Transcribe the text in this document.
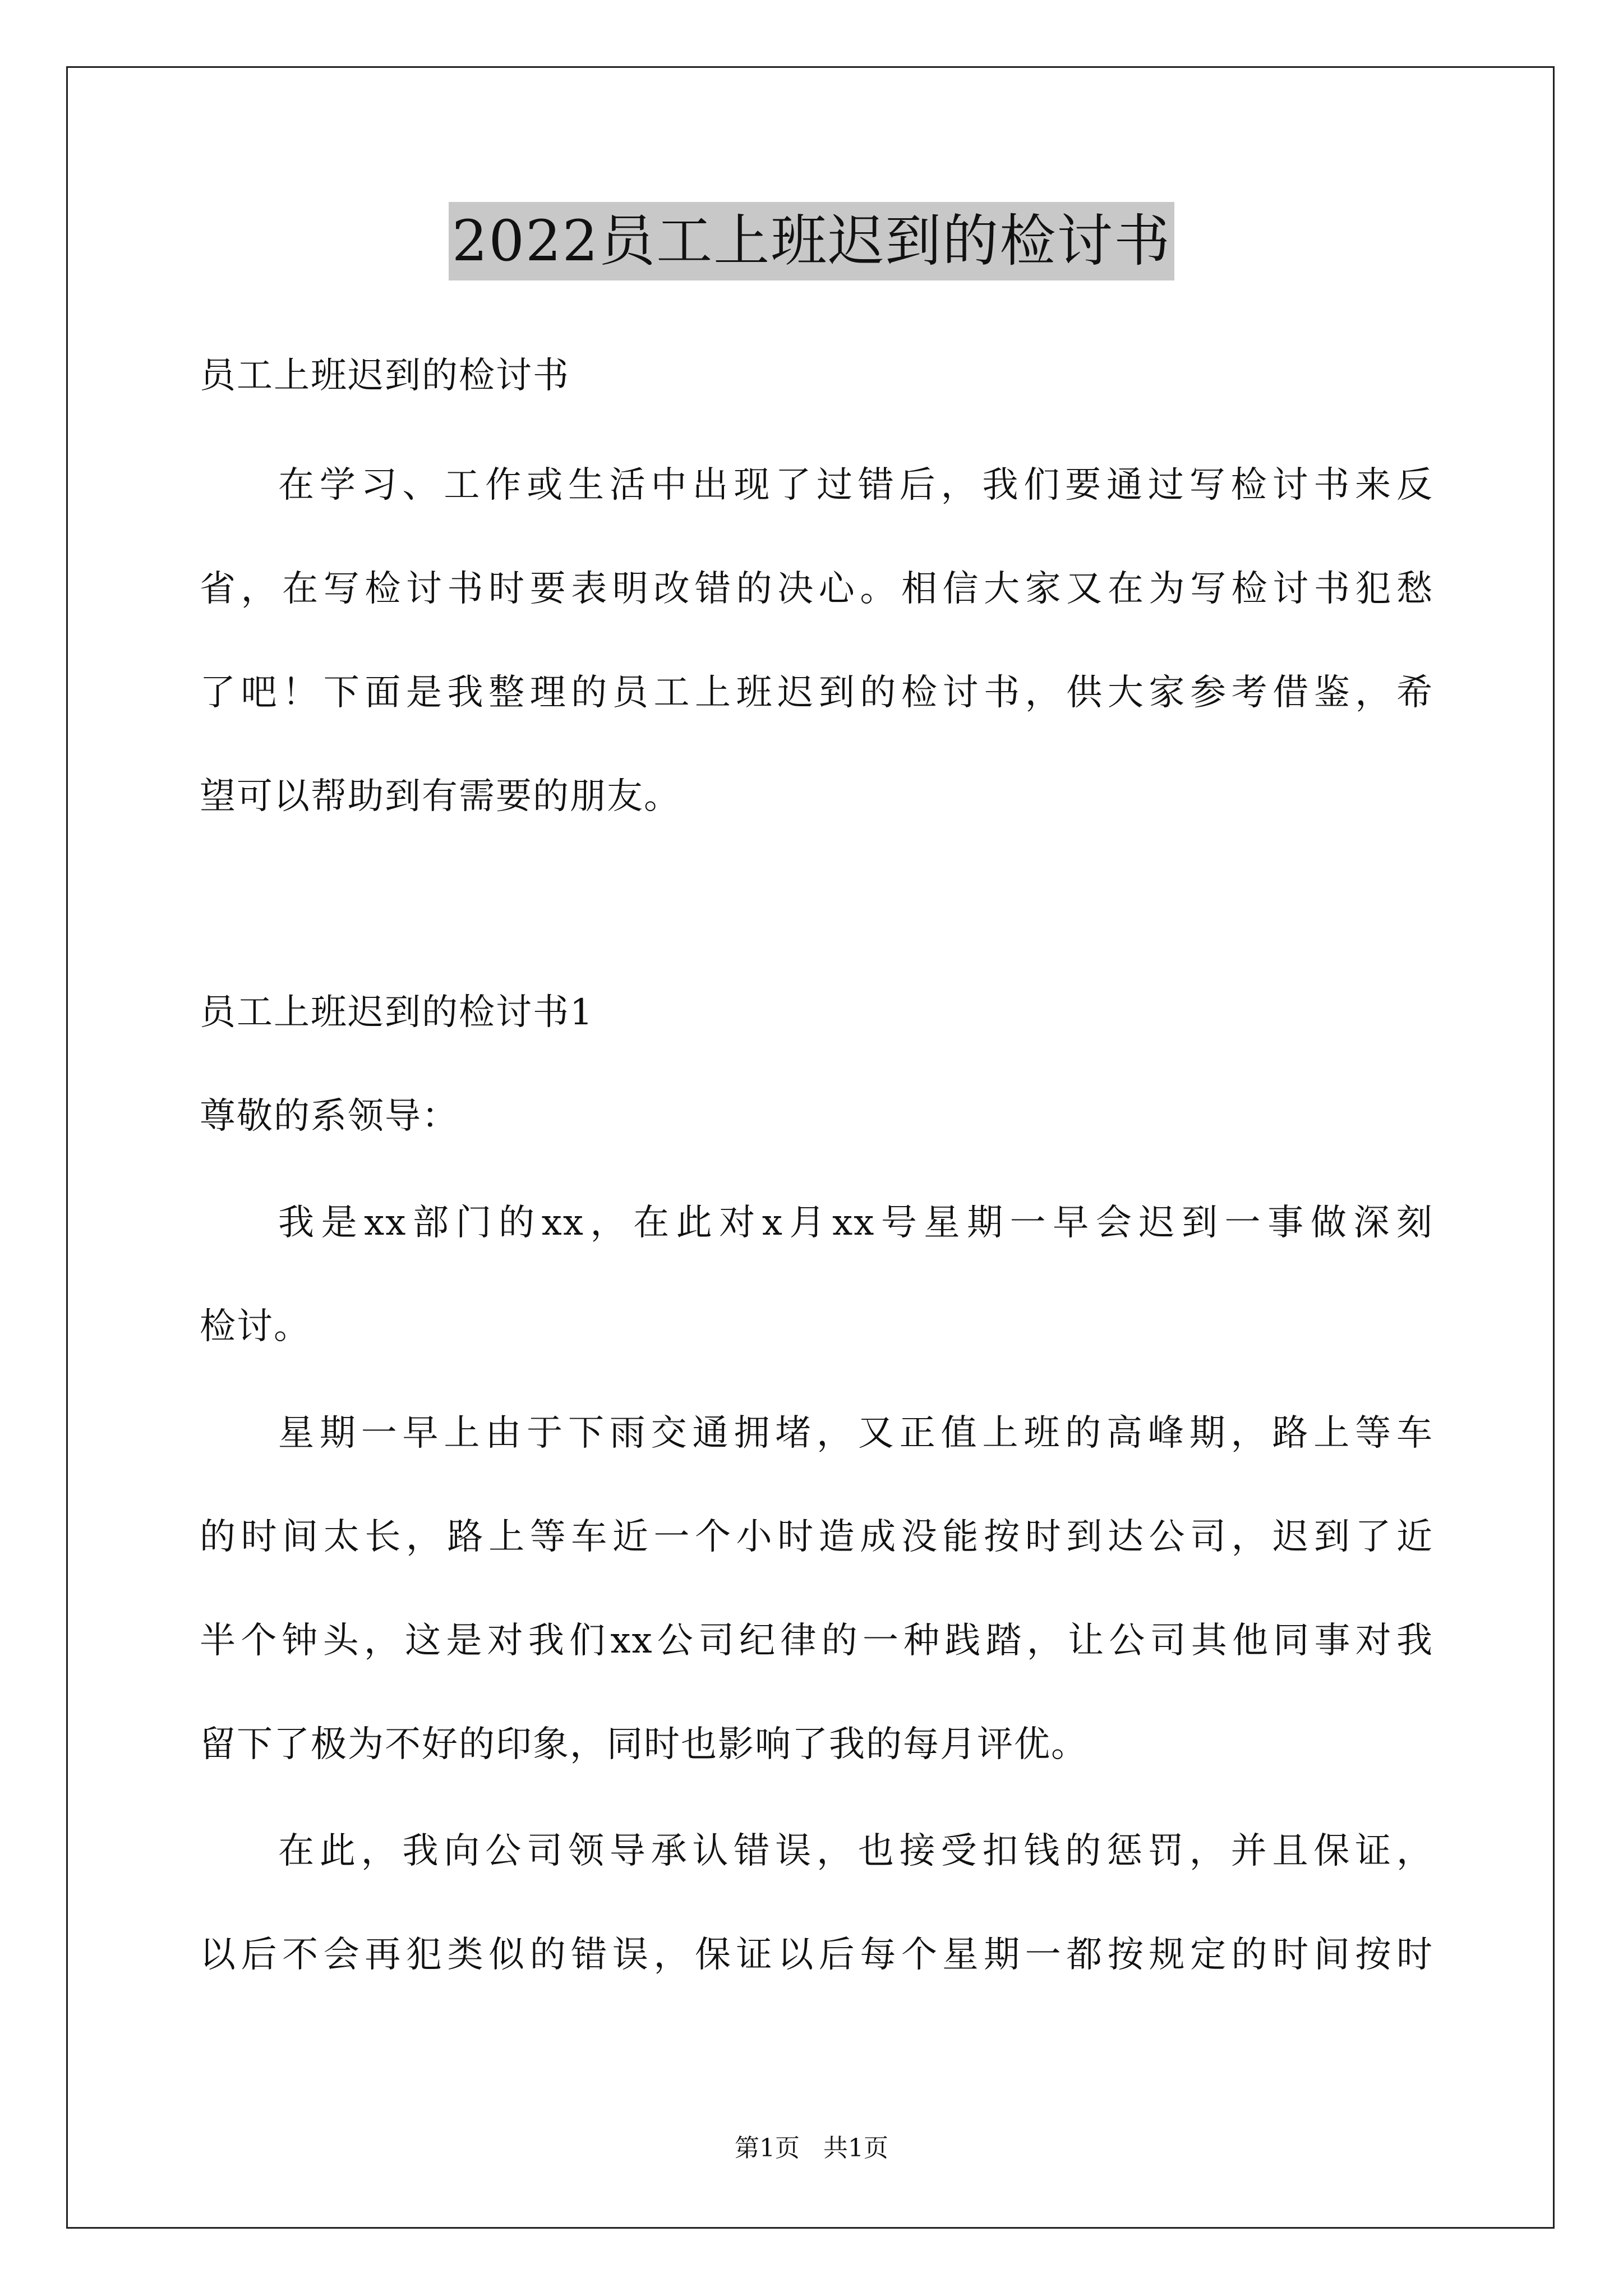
2022员工上班迟到的检讨书
员工上班迟到的检讨书
在学习、工作或生活中出现了过错后，我们要通过写检讨书来反
省，在写检讨书时要表明改错的决心。相信大家又在为写检讨书犯愁
了吧！下面是我整理的员工上班迟到的检讨书，供大家参考借鉴，希
望可以帮助到有需要的朋友。
员工上班迟到的检讨书1
尊敬的系领导：
我是xx部门的xx，在此对x月xx号星期一早会迟到一事做深刻
检讨。
星期一早上由于下雨交通拥堵，又正值上班的高峰期，路上等车
的时间太长，路上等车近一个小时造成没能按时到达公司，迟到了近
半个钟头，这是对我们xx公司纪律的一种践踏，让公司其他同事对我
留下了极为不好的印象，同时也影响了我的每月评优。
在此，我向公司领导承认错误，也接受扣钱的惩罚，并且保证，
以后不会再犯类似的错误，保证以后每个星期一都按规定的时间按时
第1页 共1页
